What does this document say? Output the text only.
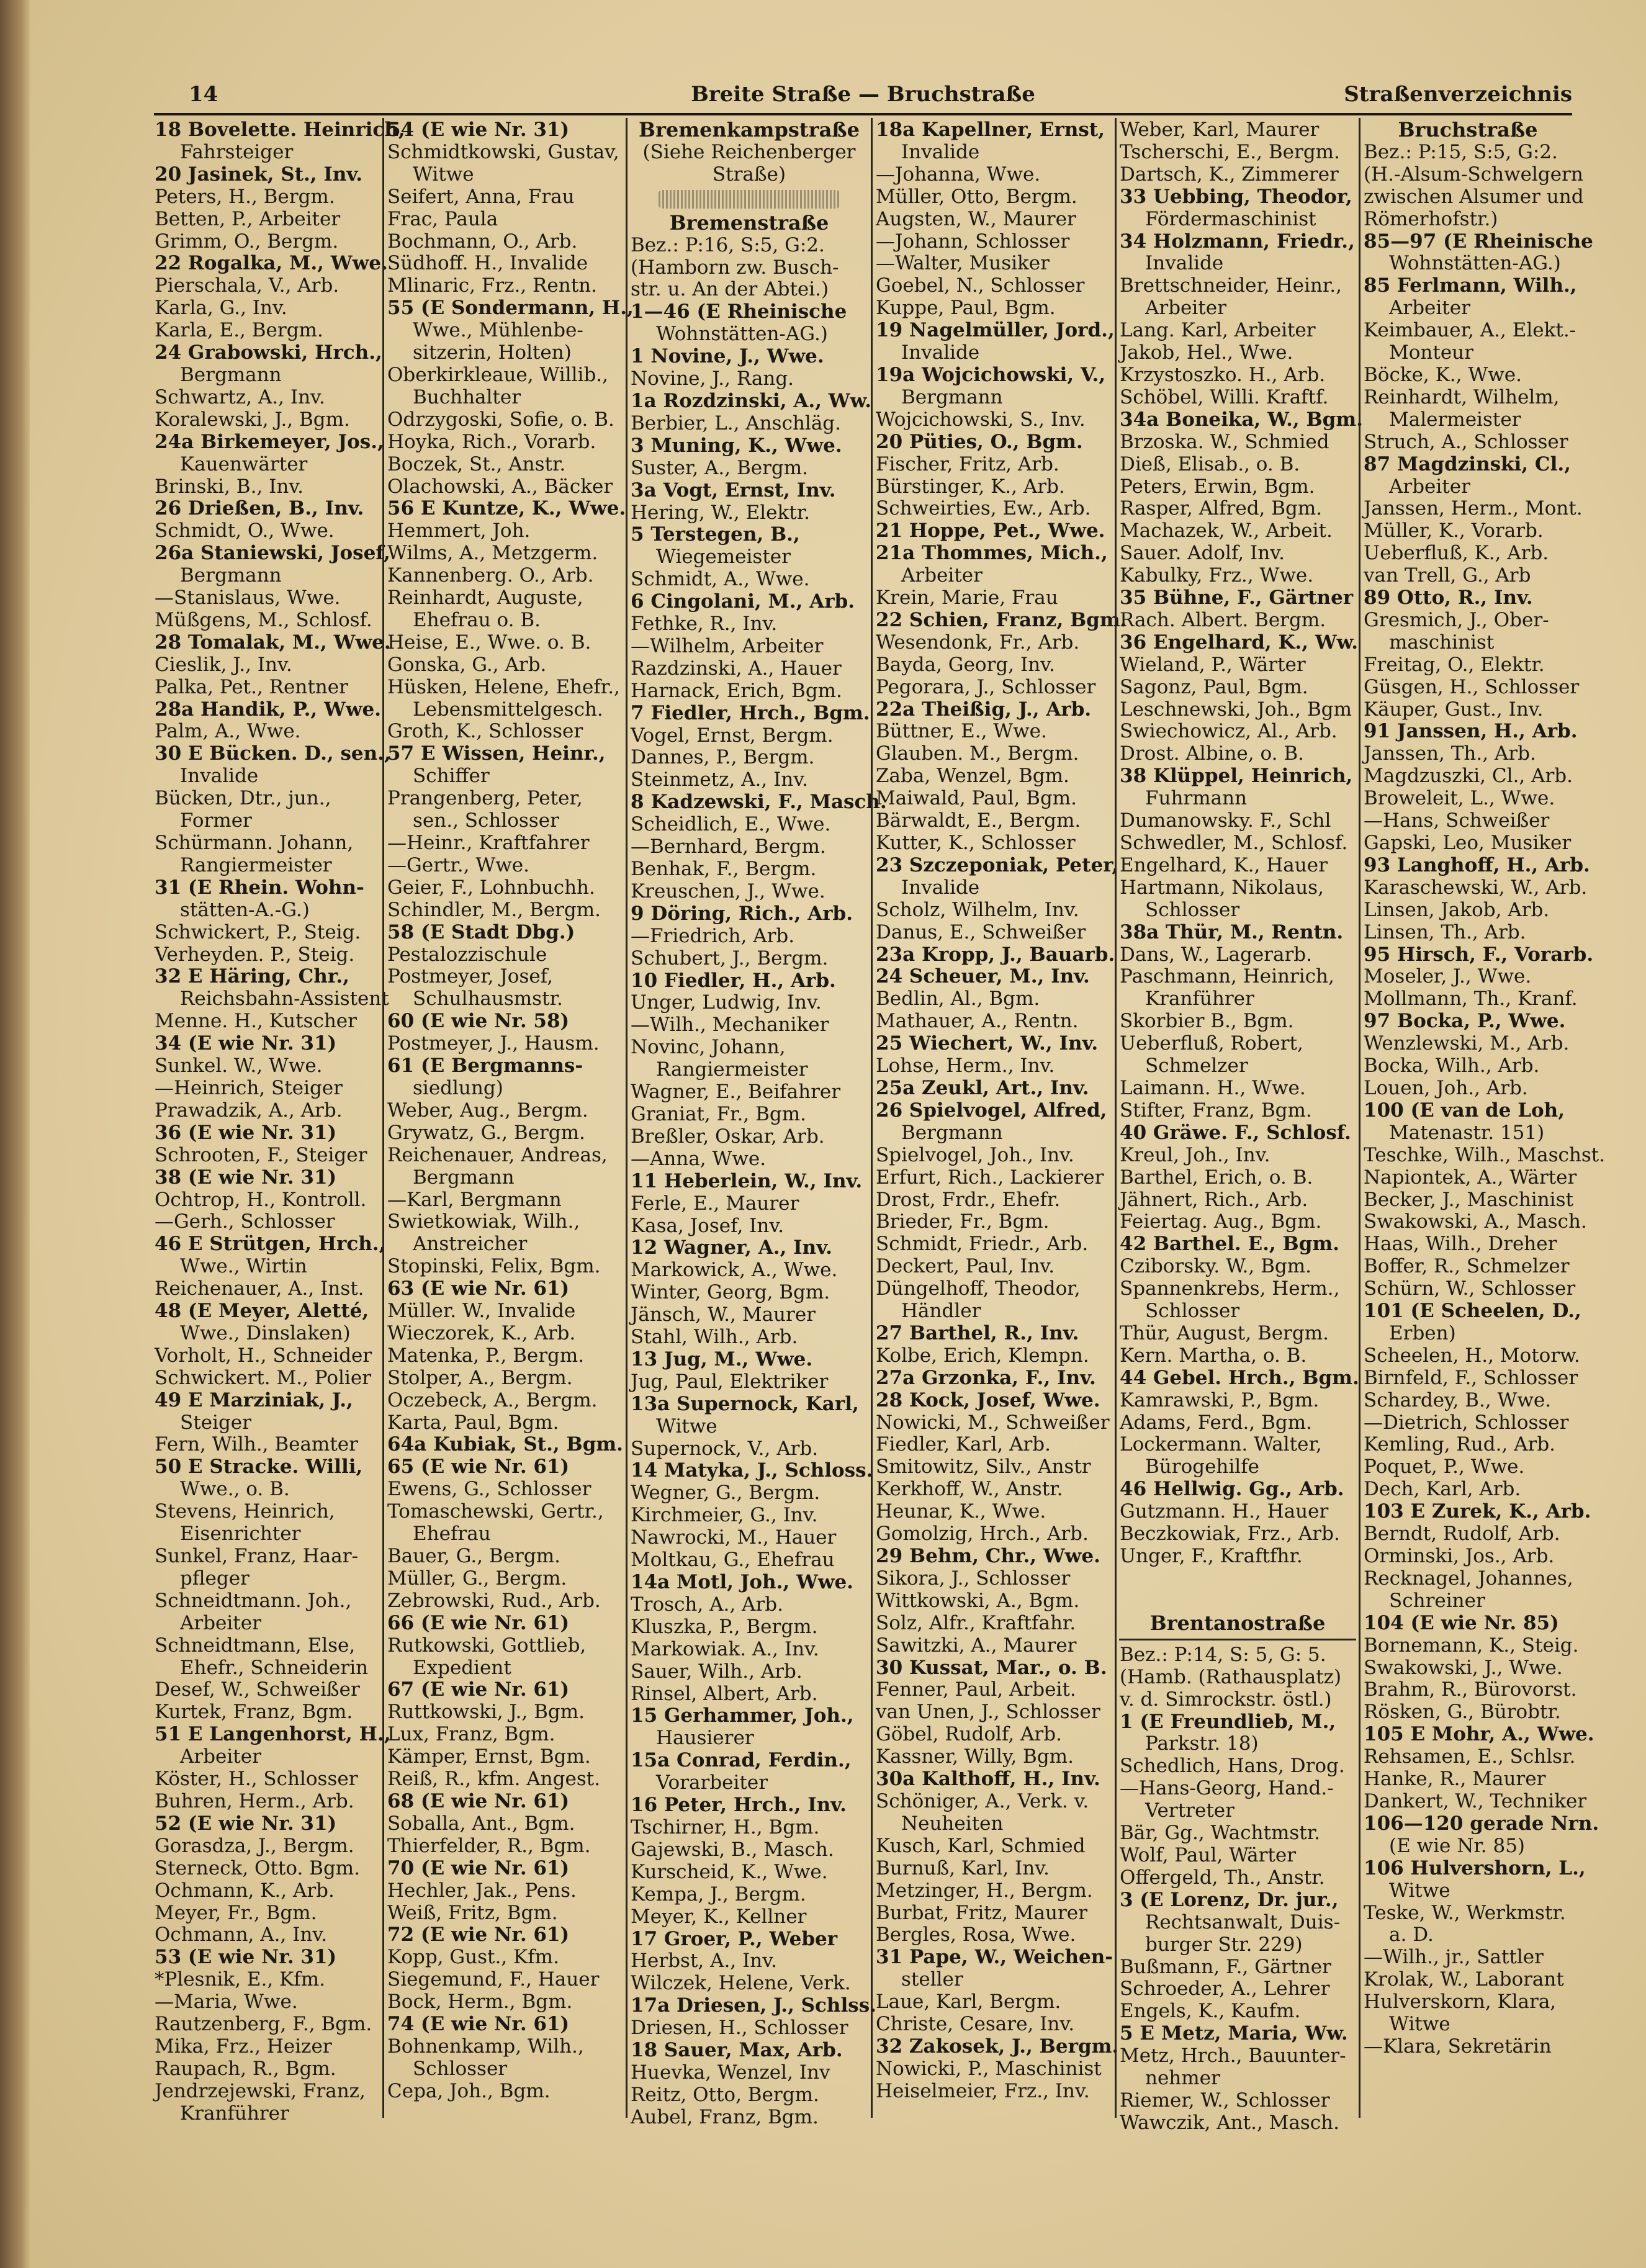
14	Breite Straße — Bruchstraße	Straßenverzeichnis
18 Bovelette. Heinrich,
Fahrsteiger
20 Jasinek, St., Inv.
Peters, H., Bergm.
Betten, P., Arbeiter
Grimm, O., Bergm.
22 Rogalka, M., Wwe.
Pierschala, V., Arb.
Karla, G., Inv.
Karla, E., Bergm.
24 Grabowski, Hrch.,
Bergmann
Schwartz, A., Inv.
Koralewski, J., Bgm.
24a Birkemeyer, Jos.,
Kauenwärter
Brinski, B., Inv.
26 Drießen, B., Inv.
Schmidt, O., Wwe.
26a Staniewski, Josef,
Bergmann
—Stanislaus, Wwe.
Müßgens, M., Schlosf.
28 Tomalak, M., Wwe.
Cieslik, J., Inv.
Palka, Pet., Rentner
28a Handik, P., Wwe.
Palm, A., Wwe.
30 E Bücken. D., sen.,
Invalide
Bücken, Dtr., jun.,
Former
Schürmann. Johann,
Rangiermeister
31 (E Rhein. Wohn-
stätten-A.-G.)
Schwickert, P., Steig.
Verheyden. P., Steig.
32 E Häring, Chr.,
Reichsbahn-Assistent
Menne. H., Kutscher
34 (E wie Nr. 31)
Sunkel. W., Wwe.
—Heinrich, Steiger
Prawadzik, A., Arb.
36 (E wie Nr. 31)
Schrooten, F., Steiger
38 (E wie Nr. 31)
Ochtrop, H., Kontroll.
—Gerh., Schlosser
46 E Strütgen, Hrch.,
Wwe., Wirtin
Reichenauer, A., Inst.
48 (E Meyer, Aletté,
Wwe., Dinslaken)
Vorholt, H., Schneider
Schwickert. M., Polier
49 E Marziniak, J.,
Steiger
Fern, Wilh., Beamter
50 E Stracke. Willi,
Wwe., o. B.
Stevens, Heinrich,
Eisenrichter
Sunkel, Franz, Haar-
pfleger
Schneidtmann. Joh.,
Arbeiter
Schneidtmann, Else,
Ehefr., Schneiderin
Desef, W., Schweißer
Kurtek, Franz, Bgm.
51 E Langenhorst, H.,
Arbeiter
Köster, H., Schlosser
Buhren, Herm., Arb.
52 (E wie Nr. 31)
Gorasdza, J., Bergm.
Sterneck, Otto. Bgm.
Ochmann, K., Arb.
Meyer, Fr., Bgm.
Ochmann, A., Inv.
53 (E wie Nr. 31)
*Plesnik, E., Kfm.
—Maria, Wwe.
Rautzenberg, F., Bgm.
Mika, Frz., Heizer
Raupach, R., Bgm.
Jendrzejewski, Franz,
Kranführer
54 (E wie Nr. 31)
Schmidtkowski, Gustav,
Witwe
Seifert, Anna, Frau
Frac, Paula
Bochmann, O., Arb.
Südhoff. H., Invalide
Mlinaric, Frz., Rentn.
55 (E Sondermann, H.,
Wwe., Mühlenbe-
sitzerin, Holten)
Oberkirkleaue, Willib.,
Buchhalter
Odrzygoski, Sofie, o. B.
Hoyka, Rich., Vorarb.
Boczek, St., Anstr.
Olachowski, A., Bäcker
56 E Kuntze, K., Wwe.
Hemmert, Joh.
Wilms, A., Metzgerm.
Kannenberg. O., Arb.
Reinhardt, Auguste,
Ehefrau o. B.
Heise, E., Wwe. o. B.
Gonska, G., Arb.
Hüsken, Helene, Ehefr.,
Lebensmittelgesch.
Groth, K., Schlosser
57 E Wissen, Heinr.,
Schiffer
Prangenberg, Peter,
sen., Schlosser
—Heinr., Kraftfahrer
—Gertr., Wwe.
Geier, F., Lohnbuchh.
Schindler, M., Bergm.
58 (E Stadt Dbg.)
Pestalozzischule
Postmeyer, Josef,
Schulhausmstr.
60 (E wie Nr. 58)
Postmeyer, J., Hausm.
61 (E Bergmanns-
siedlung)
Weber, Aug., Bergm.
Grywatz, G., Bergm.
Reichenauer, Andreas,
Bergmann
—Karl, Bergmann
Swietkowiak, Wilh.,
Anstreicher
Stopinski, Felix, Bgm.
63 (E wie Nr. 61)
Müller. W., Invalide
Wieczorek, K., Arb.
Matenka, P., Bergm.
Stolper, A., Bergm.
Oczebeck, A., Bergm.
Karta, Paul, Bgm.
64a Kubiak, St., Bgm.
65 (E wie Nr. 61)
Ewens, G., Schlosser
Tomaschewski, Gertr.,
Ehefrau
Bauer, G., Bergm.
Müller, G., Bergm.
Zebrowski, Rud., Arb.
66 (E wie Nr. 61)
Rutkowski, Gottlieb,
Expedient
67 (E wie Nr. 61)
Ruttkowski, J., Bgm.
Lux, Franz, Bgm.
Kämper, Ernst, Bgm.
Reiß, R., kfm. Angest.
68 (E wie Nr. 61)
Soballa, Ant., Bgm.
Thierfelder, R., Bgm.
70 (E wie Nr. 61)
Hechler, Jak., Pens.
Weiß, Fritz, Bgm.
72 (E wie Nr. 61)
Kopp, Gust., Kfm.
Siegemund, F., Hauer
Bock, Herm., Bgm.
74 (E wie Nr. 61)
Bohnenkamp, Wilh.,
Schlosser
Cepa, Joh., Bgm.
Bremenkampstraße
(Siehe Reichenberger
Straße)
Bremenstraße
Bez.: P:16, S:5, G:2.
(Hamborn zw. Busch-
str. u. An der Abtei.)
1—46 (E Rheinische
Wohnstätten-AG.)
1 Novine, J., Wwe.
Novine, J., Rang.
1a Rozdzinski, A., Ww.
Berbier, L., Anschläg.
3 Muning, K., Wwe.
Suster, A., Bergm.
3a Vogt, Ernst, Inv.
Hering, W., Elektr.
5 Terstegen, B.,
Wiegemeister
Schmidt, A., Wwe.
6 Cingolani, M., Arb.
Fethke, R., Inv.
—Wilhelm, Arbeiter
Razdzinski, A., Hauer
Harnack, Erich, Bgm.
7 Fiedler, Hrch., Bgm.
Vogel, Ernst, Bergm.
Dannes, P., Bergm.
Steinmetz, A., Inv.
8 Kadzewski, F., Masch.
Scheidlich, E., Wwe.
—Bernhard, Bergm.
Benhak, F., Bergm.
Kreuschen, J., Wwe.
9 Döring, Rich., Arb.
—Friedrich, Arb.
Schubert, J., Bergm.
10 Fiedler, H., Arb.
Unger, Ludwig, Inv.
—Wilh., Mechaniker
Novinc, Johann,
Rangiermeister
Wagner, E., Beifahrer
Graniat, Fr., Bgm.
Breßler, Oskar, Arb.
—Anna, Wwe.
11 Heberlein, W., Inv.
Ferle, E., Maurer
Kasa, Josef, Inv.
12 Wagner, A., Inv.
Markowick, A., Wwe.
Winter, Georg, Bgm.
Jänsch, W., Maurer
Stahl, Wilh., Arb.
13 Jug, M., Wwe.
Jug, Paul, Elektriker
13a Supernock, Karl,
Witwe
Supernock, V., Arb.
14 Matyka, J., Schloss.
Wegner, G., Bergm.
Kirchmeier, G., Inv.
Nawrocki, M., Hauer
Moltkau, G., Ehefrau
14a Motl, Joh., Wwe.
Trosch, A., Arb.
Kluszka, P., Bergm.
Markowiak. A., Inv.
Sauer, Wilh., Arb.
Rinsel, Albert, Arb.
15 Gerhammer, Joh.,
Hausierer
15a Conrad, Ferdin.,
Vorarbeiter
16 Peter, Hrch., Inv.
Tschirner, H., Bgm.
Gajewski, B., Masch.
Kurscheid, K., Wwe.
Kempa, J., Bergm.
Meyer, K., Kellner
17 Groer, P., Weber
Herbst, A., Inv.
Wilczek, Helene, Verk.
17a Driesen, J., Schlss.
Driesen, H., Schlosser
18 Sauer, Max, Arb.
Huevka, Wenzel, Inv
Reitz, Otto, Bergm.
Aubel, Franz, Bgm.
18a Kapellner, Ernst,
Invalide
—Johanna, Wwe.
Müller, Otto, Bergm.
Augsten, W., Maurer
—Johann, Schlosser
—Walter, Musiker
Goebel, N., Schlosser
Kuppe, Paul, Bgm.
19 Nagelmüller, Jord.,
Invalide
19a Wojcichowski, V.,
Bergmann
Wojcichowski, S., Inv.
20 Püties, O., Bgm.
Fischer, Fritz, Arb.
Bürstinger, K., Arb.
Schweirties, Ew., Arb.
21 Hoppe, Pet., Wwe.
21a Thommes, Mich.,
Arbeiter
Krein, Marie, Frau
22 Schien, Franz, Bgm.
Wesendonk, Fr., Arb.
Bayda, Georg, Inv.
Pegorara, J., Schlosser
22a Theißig, J., Arb.
Büttner, E., Wwe.
Glauben. M., Bergm.
Zaba, Wenzel, Bgm.
Maiwald, Paul, Bgm.
Bärwaldt, E., Bergm.
Kutter, K., Schlosser
23 Szczeponiak, Peter,
Invalide
Scholz, Wilhelm, Inv.
Danus, E., Schweißer
23a Kropp, J., Bauarb.
24 Scheuer, M., Inv.
Bedlin, Al., Bgm.
Mathauer, A., Rentn.
25 Wiechert, W., Inv.
Lohse, Herm., Inv.
25a Zeukl, Art., Inv.
26 Spielvogel, Alfred,
Bergmann
Spielvogel, Joh., Inv.
Erfurt, Rich., Lackierer
Drost, Frdr., Ehefr.
Brieder, Fr., Bgm.
Schmidt, Friedr., Arb.
Deckert, Paul, Inv.
Düngelhoff, Theodor,
Händler
27 Barthel, R., Inv.
Kolbe, Erich, Klempn.
27a Grzonka, F., Inv.
28 Kock, Josef, Wwe.
Nowicki, M., Schweißer
Fiedler, Karl, Arb.
Smitowitz, Silv., Anstr
Kerkhoff, W., Anstr.
Heunar, K., Wwe.
Gomolzig, Hrch., Arb.
29 Behm, Chr., Wwe.
Sikora, J., Schlosser
Wittkowski, A., Bgm.
Solz, Alfr., Kraftfahr.
Sawitzki, A., Maurer
30 Kussat, Mar., o. B.
Fenner, Paul, Arbeit.
van Unen, J., Schlosser
Göbel, Rudolf, Arb.
Kassner, Willy, Bgm.
30a Kalthoff, H., Inv.
Schöniger, A., Verk. v.
Neuheiten
Kusch, Karl, Schmied
Burnuß, Karl, Inv.
Metzinger, H., Bergm.
Burbat, Fritz, Maurer
Bergles, Rosa, Wwe.
31 Pape, W., Weichen-
steller
Laue, Karl, Bergm.
Christe, Cesare, Inv.
32 Zakosek, J., Bergm.
Nowicki, P., Maschinist
Heiselmeier, Frz., Inv.
Weber, Karl, Maurer
Tscherschi, E., Bergm.
Dartsch, K., Zimmerer
33 Uebbing, Theodor,
Fördermaschinist
34 Holzmann, Friedr.,
Invalide
Brettschneider, Heinr.,
Arbeiter
Lang. Karl, Arbeiter
Jakob, Hel., Wwe.
Krzystoszko. H., Arb.
Schöbel, Willi. Kraftf.
34a Boneika, W., Bgm.
Brzoska. W., Schmied
Dieß, Elisab., o. B.
Peters, Erwin, Bgm.
Rasper, Alfred, Bgm.
Machazek, W., Arbeit.
Sauer. Adolf, Inv.
Kabulky, Frz., Wwe.
35 Bühne, F., Gärtner
Rach. Albert. Bergm.
36 Engelhard, K., Ww.
Wieland, P., Wärter
Sagonz, Paul, Bgm.
Leschnewski, Joh., Bgm
Swiechowicz, Al., Arb.
Drost. Albine, o. B.
38 Klüppel, Heinrich,
Fuhrmann
Dumanowsky. F., Schl
Schwedler, M., Schlosf.
Engelhard, K., Hauer
Hartmann, Nikolaus,
Schlosser
38a Thür, M., Rentn.
Dans, W., Lagerarb.
Paschmann, Heinrich,
Kranführer
Skorbier B., Bgm.
Ueberfluß, Robert,
Schmelzer
Laimann. H., Wwe.
Stifter, Franz, Bgm.
40 Gräwe. F., Schlosf.
Kreul, Joh., Inv.
Barthel, Erich, o. B.
Jähnert, Rich., Arb.
Feiertag. Aug., Bgm.
42 Barthel. E., Bgm.
Cziborsky. W., Bgm.
Spannenkrebs, Herm.,
Schlosser
Thür, August, Bergm.
Kern. Martha, o. B.
44 Gebel. Hrch., Bgm.
Kamrawski, P., Bgm.
Adams, Ferd., Bgm.
Lockermann. Walter,
Bürogehilfe
46 Hellwig. Gg., Arb.
Gutzmann. H., Hauer
Beczkowiak, Frz., Arb.
Unger, F., Kraftfhr.
Brentanostraße
Bez.: P:14, S: 5, G: 5.
(Hamb. (Rathausplatz)
v. d. Simrockstr. östl.)
1 (E Freundlieb, M.,
Parkstr. 18)
Schedlich, Hans, Drog.
—Hans-Georg, Hand.-
Vertreter
Bär, Gg., Wachtmstr.
Wolf, Paul, Wärter
Offergeld, Th., Anstr.
3 (E Lorenz, Dr. jur.,
Rechtsanwalt, Duis-
burger Str. 229)
Bußmann, F., Gärtner
Schroeder, A., Lehrer
Engels, K., Kaufm.
5 E Metz, Maria, Ww.
Metz, Hrch., Bauunter-
nehmer
Riemer, W., Schlosser
Wawczik, Ant., Masch.
Bruchstraße
Bez.: P:15, S:5, G:2.
(H.-Alsum-Schwelgern
zwischen Alsumer und
Römerhofstr.)
85—97 (E Rheinische
Wohnstätten-AG.)
85 Ferlmann, Wilh.,
Arbeiter
Keimbauer, A., Elekt.-
Monteur
Böcke, K., Wwe.
Reinhardt, Wilhelm,
Malermeister
Struch, A., Schlosser
87 Magdzinski, Cl.,
Arbeiter
Janssen, Herm., Mont.
Müller, K., Vorarb.
Ueberfluß, K., Arb.
van Trell, G., Arb
89 Otto, R., Inv.
Gresmich, J., Ober-
maschinist
Freitag, O., Elektr.
Güsgen, H., Schlosser
Käuper, Gust., Inv.
91 Janssen, H., Arb.
Janssen, Th., Arb.
Magdzuszki, Cl., Arb.
Broweleit, L., Wwe.
—Hans, Schweißer
Gapski, Leo, Musiker
93 Langhoff, H., Arb.
Karaschewski, W., Arb.
Linsen, Jakob, Arb.
Linsen, Th., Arb.
95 Hirsch, F., Vorarb.
Moseler, J., Wwe.
Mollmann, Th., Kranf.
97 Bocka, P., Wwe.
Wenzlewski, M., Arb.
Bocka, Wilh., Arb.
Louen, Joh., Arb.
100 (E van de Loh,
Matenastr. 151)
Teschke, Wilh., Maschst.
Napiontek, A., Wärter
Becker, J., Maschinist
Swakowski, A., Masch.
Haas, Wilh., Dreher
Boffer, R., Schmelzer
Schürn, W., Schlosser
101 (E Scheelen, D.,
Erben)
Scheelen, H., Motorw.
Birnfeld, F., Schlosser
Schardey, B., Wwe.
—Dietrich, Schlosser
Kemling, Rud., Arb.
Poquet, P., Wwe.
Dech, Karl, Arb.
103 E Zurek, K., Arb.
Berndt, Rudolf, Arb.
Orminski, Jos., Arb.
Recknagel, Johannes,
Schreiner
104 (E wie Nr. 85)
Bornemann, K., Steig.
Swakowski, J., Wwe.
Brahm, R., Bürovorst.
Rösken, G., Bürobtr.
105 E Mohr, A., Wwe.
Rehsamen, E., Schlsr.
Hanke, R., Maurer
Dankert, W., Techniker
106—120 gerade Nrn.
(E wie Nr. 85)
106 Hulvershorn, L.,
Witwe
Teske, W., Werkmstr.
a. D.
—Wilh., jr., Sattler
Krolak, W., Laborant
Hulverskorn, Klara,
Witwe
—Klara, Sekretärin
